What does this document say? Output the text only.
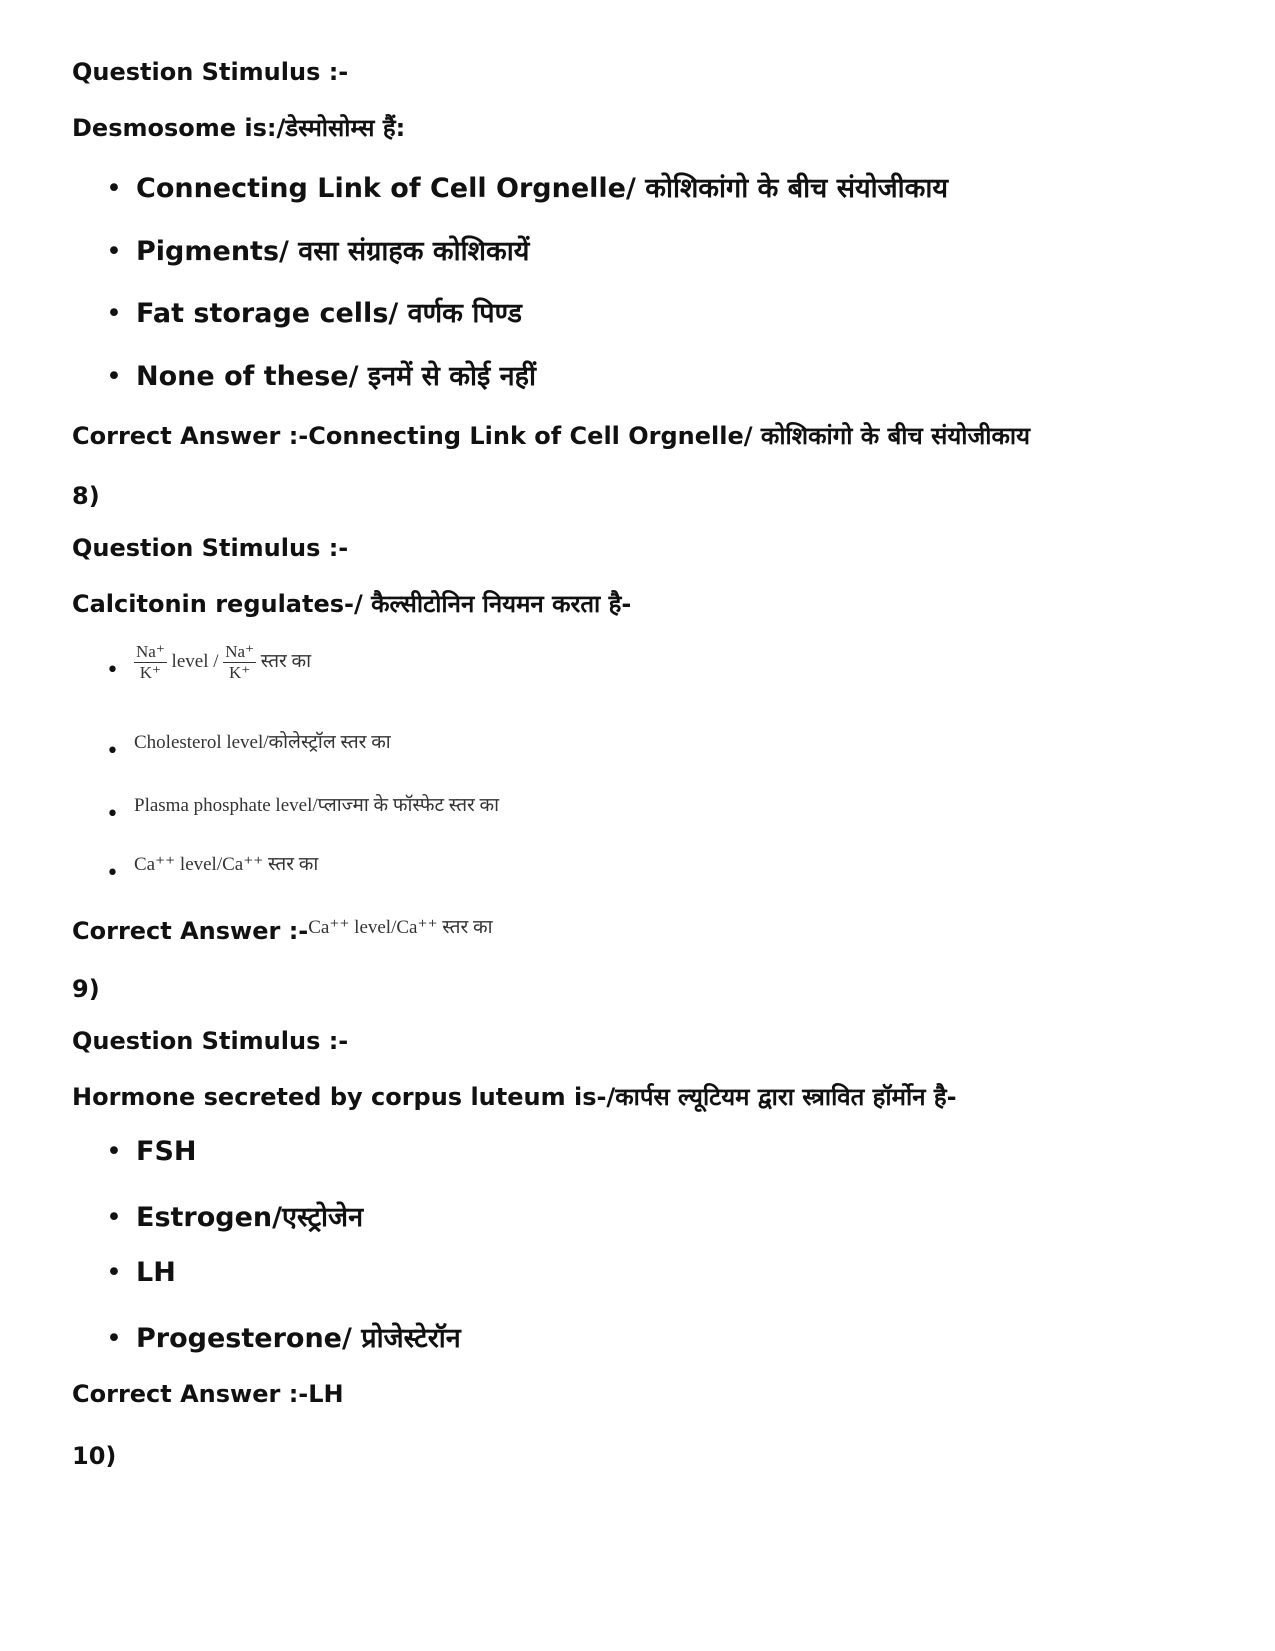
Question Stimulus :-
Desmosome is:/डेस्मोसोम्स हैं:
• Connecting Link of Cell Orgnelle/ कोशिकांगो के बीच संयोजीकाय
• Pigments/ वसा संग्राहक कोशिकायें
• Fat storage cells/ वर्णक पिण्ड
• None of these/ इनमें से कोई नहीं
Correct Answer :-Connecting Link of Cell Orgnelle/ कोशिकांगो के बीच संयोजीकाय
8)
Question Stimulus :-
Calcitonin regulates-/ कैल्सीटोनिन नियमन करता है-
• $\frac{Na^+}{K^+}$ level / $\frac{Na^+}{K^+}$ स्तर का
• Cholesterol level/कोलेस्ट्रॉल स्तर का
• Plasma phosphate level/प्लाज्मा के फॉस्फेट स्तर का
• Ca⁺⁺ level/Ca⁺⁺ स्तर का
Correct Answer :-$^{Ca^{++} level/Ca^{++} स्तर का}$
9)
Question Stimulus :-
Hormone secreted by corpus luteum is-/कार्पस ल्यूटियम द्वारा स्त्रावित हॉर्मोन है-
• FSH
• Estrogen/एस्ट्रोजेन
• LH
• Progesterone/ प्रोजेस्टेरॉन
Correct Answer :-LH
10)
